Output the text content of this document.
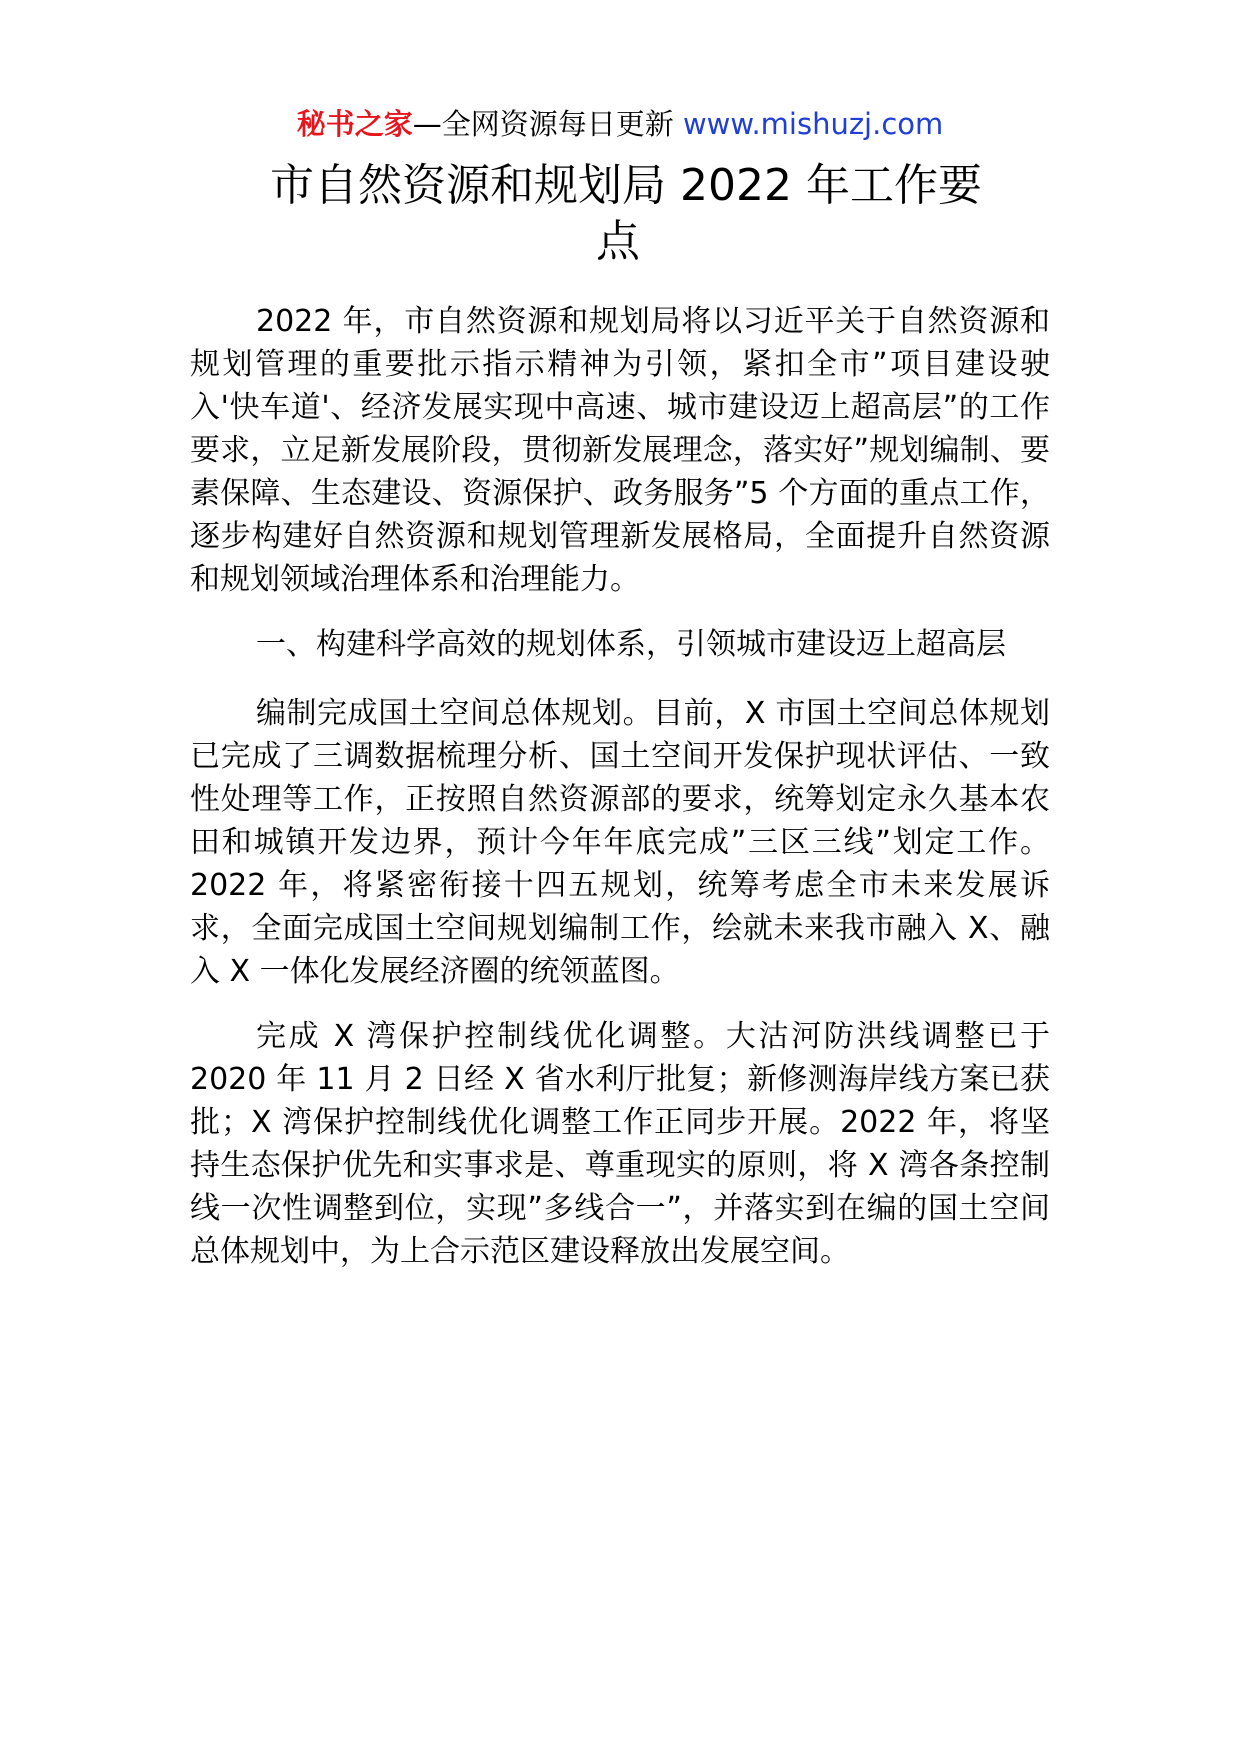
秘书之家—全网资源每日更新 www.mishuzj.com
市自然资源和规划局 2022 年工作要
点

2022 年，市自然资源和规划局将以习近平关于自然资源和规划管理的重要批示指示精神为引领，紧扣全市”项目建设驶入'快车道'、经济发展实现中高速、城市建设迈上超高层”的工作要求，立足新发展阶段，贯彻新发展理念，落实好”规划编制、要素保障、生态建设、资源保护、政务服务”5 个方面的重点工作，逐步构建好自然资源和规划管理新发展格局，全面提升自然资源和规划领域治理体系和治理能力。

一、构建科学高效的规划体系，引领城市建设迈上超高层

编制完成国土空间总体规划。目前，X 市国土空间总体规划已完成了三调数据梳理分析、国土空间开发保护现状评估、一致性处理等工作，正按照自然资源部的要求，统筹划定永久基本农田和城镇开发边界，预计今年年底完成”三区三线”划定工作。2022 年，将紧密衔接十四五规划，统筹考虑全市未来发展诉求，全面完成国土空间规划编制工作，绘就未来我市融入 X、融入 X 一体化发展经济圈的统领蓝图。

完成 X 湾保护控制线优化调整。大沽河防洪线调整已于 2020 年 11 月 2 日经 X 省水利厅批复；新修测海岸线方案已获批；X 湾保护控制线优化调整工作正同步开展。2022 年，将坚持生态保护优先和实事求是、尊重现实的原则，将 X 湾各条控制线一次性调整到位，实现”多线合一”，并落实到在编的国土空间总体规划中，为上合示范区建设释放出发展空间。
